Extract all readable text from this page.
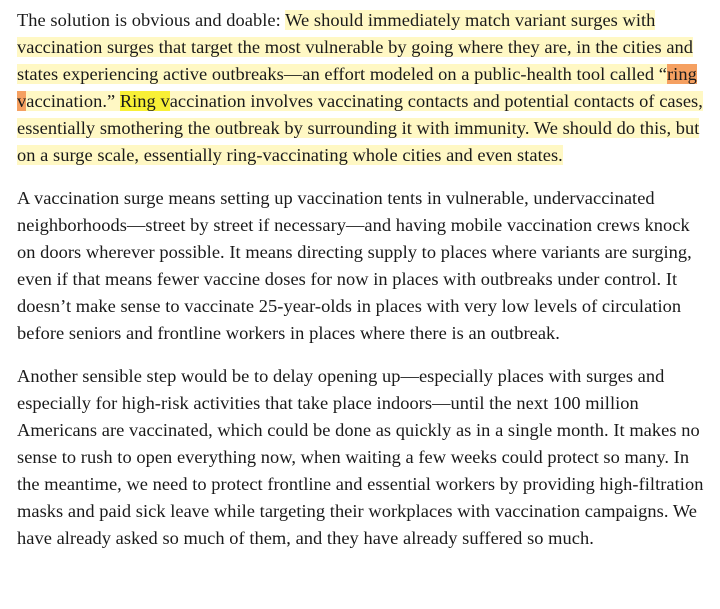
The solution is obvious and doable: We should immediately match variant surges with vaccination surges that target the most vulnerable by going where they are, in the cities and states experiencing active outbreaks—an effort modeled on a public-health tool called “ring vaccination.” Ring vaccination involves vaccinating contacts and potential contacts of cases, essentially smothering the outbreak by surrounding it with immunity. We should do this, but on a surge scale, essentially ring-vaccinating whole cities and even states.

A vaccination surge means setting up vaccination tents in vulnerable, undervaccinated neighborhoods—street by street if necessary—and having mobile vaccination crews knock on doors wherever possible. It means directing supply to places where variants are surging, even if that means fewer vaccine doses for now in places with outbreaks under control. It doesn’t make sense to vaccinate 25-year-olds in places with very low levels of circulation before seniors and frontline workers in places where there is an outbreak.

Another sensible step would be to delay opening up—especially places with surges and especially for high-risk activities that take place indoors—until the next 100 million Americans are vaccinated, which could be done as quickly as in a single month. It makes no sense to rush to open everything now, when waiting a few weeks could protect so many. In the meantime, we need to protect frontline and essential workers by providing high-filtration masks and paid sick leave while targeting their workplaces with vaccination campaigns. We have already asked so much of them, and they have already suffered so much.
